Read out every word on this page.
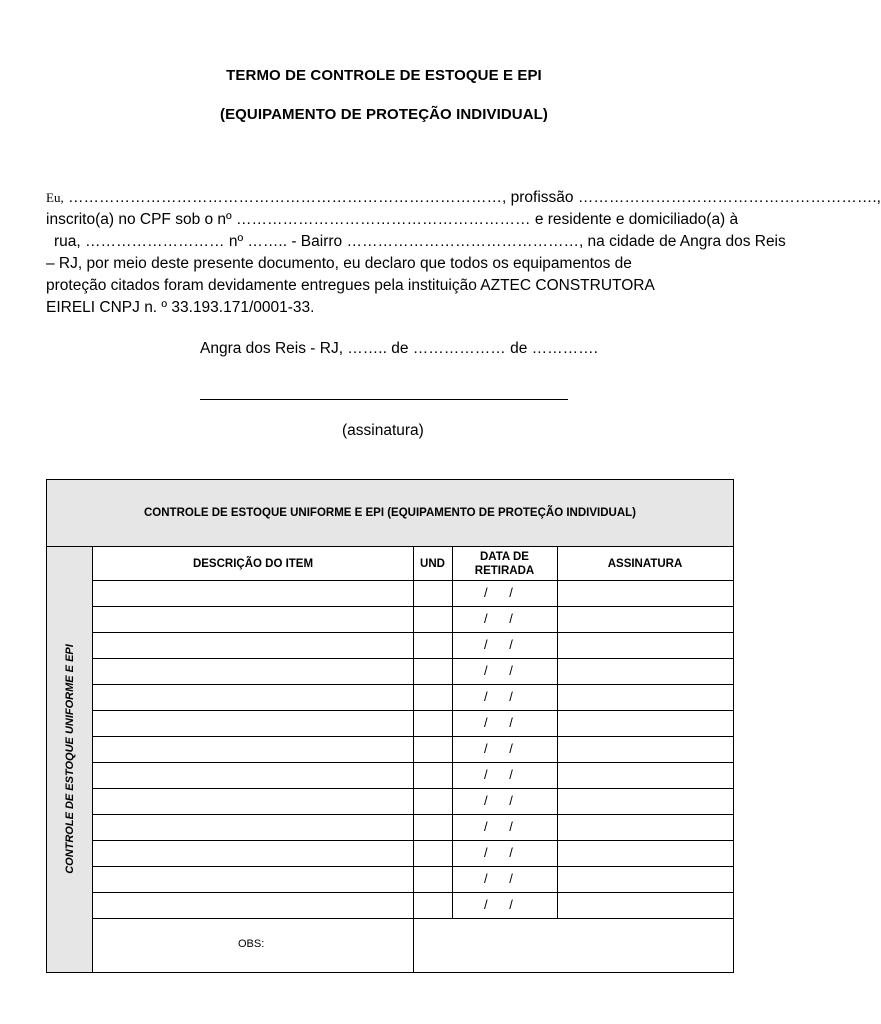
TERMO DE CONTROLE DE ESTOQUE E EPI
(EQUIPAMENTO DE PROTEÇÃO INDIVIDUAL)
Eu, …………………………………………………………………………, profissão ………………………………………………….,
inscrito(a) no CPF sob o nº ………………………………………………… e residente e domiciliado(a) à
rua, ……………………… nº …….. - Bairro ………………………………………, na cidade de Angra dos Reis
– RJ, por meio deste presente documento, eu declaro que todos os equipamentos de
proteção citados foram devidamente entregues pela instituição AZTEC CONSTRUTORA
EIRELI CNPJ n. º 33.193.171/0001-33.
Angra dos Reis - RJ, …….. de ……………… de ………….
(assinatura)
CONTROLE DE ESTOQUE UNIFORME E EPI (EQUIPAMENTO DE PROTEÇÃO INDIVIDUAL)
CONTROLE DE ESTOQUE UNIFORME E EPI
DESCRIÇÃO DO ITEM	UND
DATA DE
RETIRADA
ASSINATURA
/      /
/      /
/      /
/      /
/      /
/      /
/      /
/      /
/      /
/      /
/      /
/      /
/      /
OBS:
